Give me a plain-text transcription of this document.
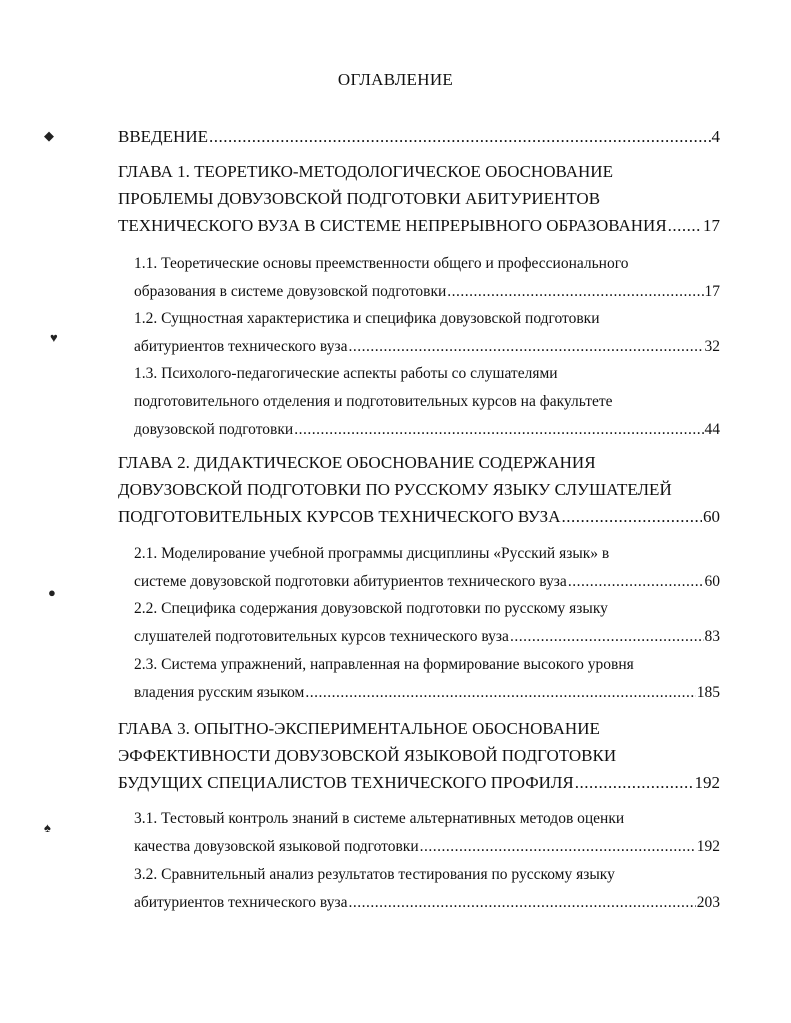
ОГЛАВЛЕНИЕ
ВВЕДЕНИЕ .....	4
ГЛАВА 1. ТЕОРЕТИКО-МЕТОДОЛОГИЧЕСКОЕ ОБОСНОВАНИЕ
ПРОБЛЕМЫ ДОВУЗОВСКОЙ ПОДГОТОВКИ АБИТУРИЕНТОВ
ТЕХНИЧЕСКОГО ВУЗА В СИСТЕМЕ НЕПРЕРЫВНОГО ОБРАЗОВАНИЯ ..... 17
1.1. Теоретические основы преемственности общего и профессионального
образования в системе довузовской подготовки .....	17
1.2. Сущностная характеристика и специфика довузовской подготовки
абитуриентов технического вуза .....	32
1.3. Психолого-педагогические аспекты работы со слушателями
подготовительного отделения и подготовительных курсов на факультете
довузовской подготовки .....	44
ГЛАВА 2. ДИДАКТИЧЕСКОЕ ОБОСНОВАНИЕ СОДЕРЖАНИЯ
ДОВУЗОВСКОЙ ПОДГОТОВКИ ПО РУССКОМУ ЯЗЫКУ СЛУШАТЕЛЕЙ
ПОДГОТОВИТЕЛЬНЫХ КУРСОВ ТЕХНИЧЕСКОГО ВУЗА .....	60
2.1. Моделирование учебной программы дисциплины «Русский язык» в
системе довузовской подготовки абитуриентов технического вуза .....	60
2.2. Специфика содержания довузовской подготовки по русскому языку
слушателей подготовительных курсов технического вуза .....	83
2.3. Система упражнений, направленная на формирование высокого уровня
владения русским языком .....	185
ГЛАВА 3. ОПЫТНО-ЭКСПЕРИМЕНТАЛЬНОЕ ОБОСНОВАНИЕ
ЭФФЕКТИВНОСТИ ДОВУЗОВСКОЙ ЯЗЫКОВОЙ ПОДГОТОВКИ
БУДУЩИХ СПЕЦИАЛИСТОВ ТЕХНИЧЕСКОГО ПРОФИЛЯ .....	192
3.1. Тестовый контроль знаний в системе альтернативных методов оценки
качества довузовской языковой подготовки .....	192
3.2. Сравнительный анализ результатов тестирования по русскому языку
абитуриентов технического вуза .....	203
◆
♥
●
♠
